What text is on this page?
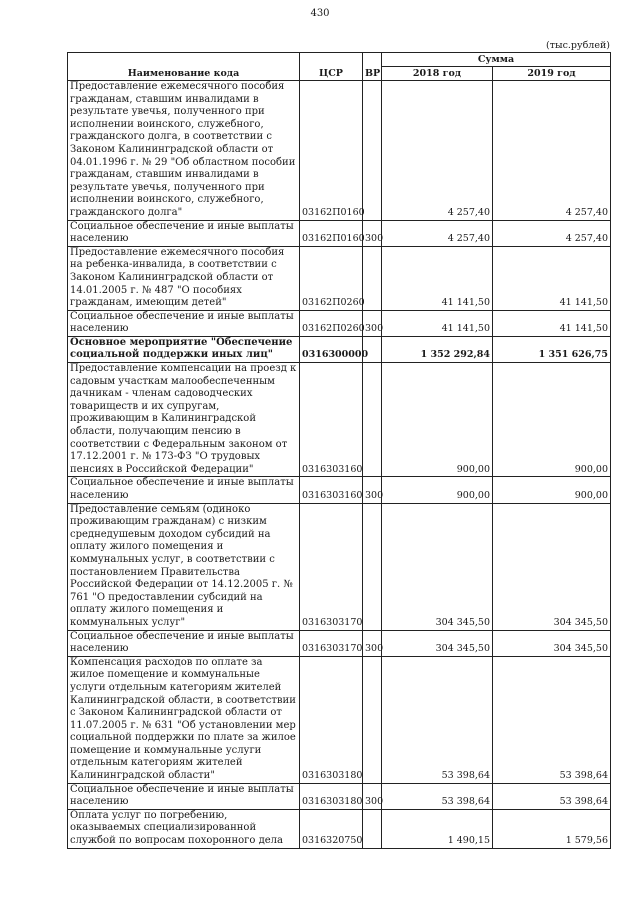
430
(тыс.рублей)
Наименование кода	ЦСР	ВР	Сумма	
			2018 год	2019 год
Предоставление ежемесячного пособия гражданам, ставшим инвалидами в результате увечья, полученного при исполнении воинского, служебного, гражданского долга, в соответствии с Законом Калининградской области от 04.01.1996 г. № 29 "Об областном пособии гражданам, ставшим инвалидами в результате увечья, полученного при исполнении воинского, служебного, гражданского долга"	03162П0160		4 257,40	4 257,40
Социальное обеспечение и иные выплаты населению	03162П0160	300	4 257,40	4 257,40
Предоставление ежемесячного пособия на ребенка-инвалида, в соответствии с Законом Калининградской области от 14.01.2005 г. № 487 "О пособиях гражданам, имеющим детей"	03162П0260		41 141,50	41 141,50
Социальное обеспечение и иные выплаты населению	03162П0260	300	41 141,50	41 141,50
Основное мероприятие "Обеспечение социальной поддержки иных лиц"	0316300000		1 352 292,84	1 351 626,75
Предоставление компенсации на проезд к садовым участкам малообеспеченным дачникам - членам садоводческих товариществ и их супругам, проживающим в Калининградской области, получающим пенсию в соответствии с Федеральным законом от 17.12.2001 г. № 173-ФЗ "О трудовых пенсиях в Российской Федерации"	0316303160		900,00	900,00
Социальное обеспечение и иные выплаты населению	0316303160	300	900,00	900,00
Предоставление семьям (одиноко проживающим гражданам) с низким среднедушевым доходом субсидий на оплату жилого помещения и коммунальных услуг, в соответствии с постановлением Правительства Российской Федерации от 14.12.2005 г. № 761 "О предоставлении субсидий на оплату жилого помещения и коммунальных услуг"	0316303170		304 345,50	304 345,50
Социальное обеспечение и иные выплаты населению	0316303170	300	304 345,50	304 345,50
Компенсация расходов по оплате за жилое помещение и коммунальные услуги отдельным категориям жителей Калининградской области, в соответствии с Законом Калининградской области от 11.07.2005 г. № 631 "Об установлении мер социальной поддержки по плате за жилое помещение и коммунальные услуги отдельным категориям жителей Калининградской области"	0316303180		53 398,64	53 398,64
Социальное обеспечение и иные выплаты населению	0316303180	300	53 398,64	53 398,64
Оплата услуг по погребению, оказываемых специализированной службой по вопросам похоронного дела	0316320750		1 490,15	1 579,56
